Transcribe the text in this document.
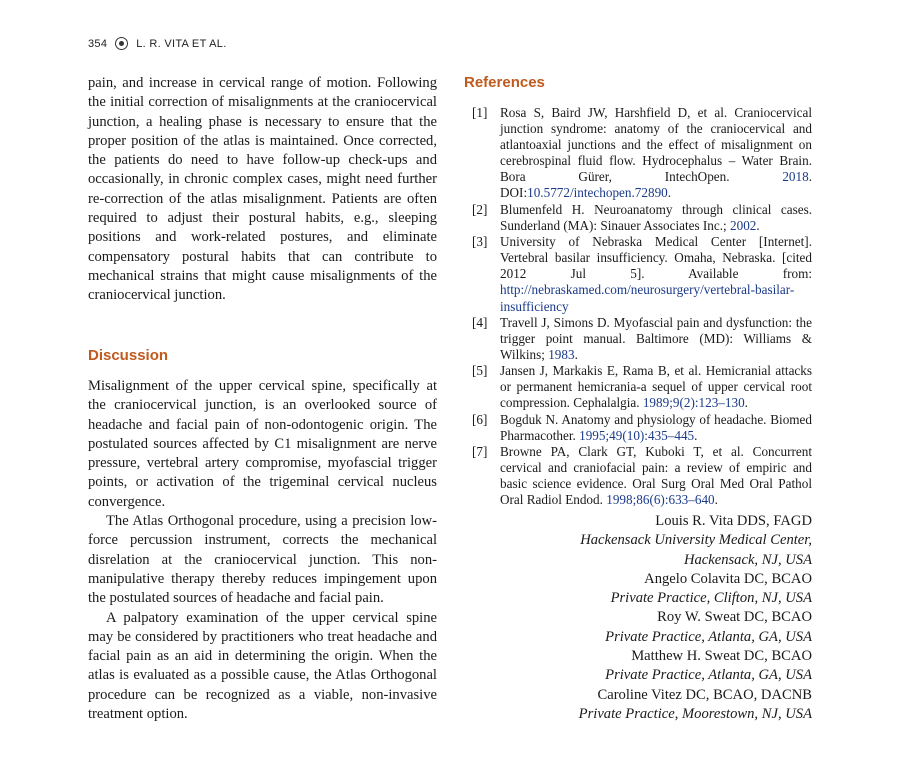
354	L. R. VITA ET AL.

pain, and increase in cervical range of motion. Following the initial correction of misalignments at the craniocervical junction, a healing phase is necessary to ensure that the proper position of the atlas is maintained. Once corrected, the patients do need to have follow-up check-ups and occasionally, in chronic complex cases, might need further re-correction of the atlas misalignment. Patients are often required to adjust their postural habits, e.g., sleeping positions and work-related postures, and eliminate compensatory postural habits that can contribute to mechanical strains that might cause misalignments of the craniocervical junction.

Discussion

Misalignment of the upper cervical spine, specifically at the craniocervical junction, is an overlooked source of headache and facial pain of non-odontogenic origin. The postulated sources affected by C1 misalignment are nerve pressure, vertebral artery compromise, myofascial trigger points, or activation of the trigeminal cervical nucleus convergence.

The Atlas Orthogonal procedure, using a precision low-force percussion instrument, corrects the mechanical disrelation at the craniocervical junction. This non-manipulative therapy thereby reduces impingement upon the postulated sources of headache and facial pain.

A palpatory examination of the upper cervical spine may be considered by practitioners who treat headache and facial pain as an aid in determining the origin. When the atlas is evaluated as a possible cause, the Atlas Orthogonal procedure can be recognized as a viable, non-invasive treatment option.

References
[1] Rosa S, Baird JW, Harshfield D, et al. Craniocervical junction syndrome: anatomy of the craniocervical and atlantoaxial junctions and the effect of misalignment on cerebrospinal fluid flow. Hydrocephalus – Water Brain. Bora Gürer, IntechOpen. 2018. DOI:10.5772/intechopen.72890.
[2] Blumenfeld H. Neuroanatomy through clinical cases. Sunderland (MA): Sinauer Associates Inc.; 2002.
[3] University of Nebraska Medical Center [Internet]. Vertebral basilar insufficiency. Omaha, Nebraska. [cited 2012 Jul 5]. Available from: http://nebraskamed.com/neurosurgery/vertebral-basilar-insufficiency
[4] Travell J, Simons D. Myofascial pain and dysfunction: the trigger point manual. Baltimore (MD): Williams & Wilkins; 1983.
[5] Jansen J, Markakis E, Rama B, et al. Hemicranial attacks or permanent hemicrania-a sequel of upper cervical root compression. Cephalalgia. 1989;9(2):123–130.
[6] Bogduk N. Anatomy and physiology of headache. Biomed Pharmacother. 1995;49(10):435–445.
[7] Browne PA, Clark GT, Kuboki T, et al. Concurrent cervical and craniofacial pain: a review of empiric and basic science evidence. Oral Surg Oral Med Oral Pathol Oral Radiol Endod. 1998;86(6):633–640.
Louis R. Vita DDS, FAGD
Hackensack University Medical Center,
Hackensack, NJ, USA
Angelo Colavita DC, BCAO
Private Practice, Clifton, NJ, USA
Roy W. Sweat DC, BCAO
Private Practice, Atlanta, GA, USA
Matthew H. Sweat DC, BCAO
Private Practice, Atlanta, GA, USA
Caroline Vitez DC, BCAO, DACNB
Private Practice, Moorestown, NJ, USA
